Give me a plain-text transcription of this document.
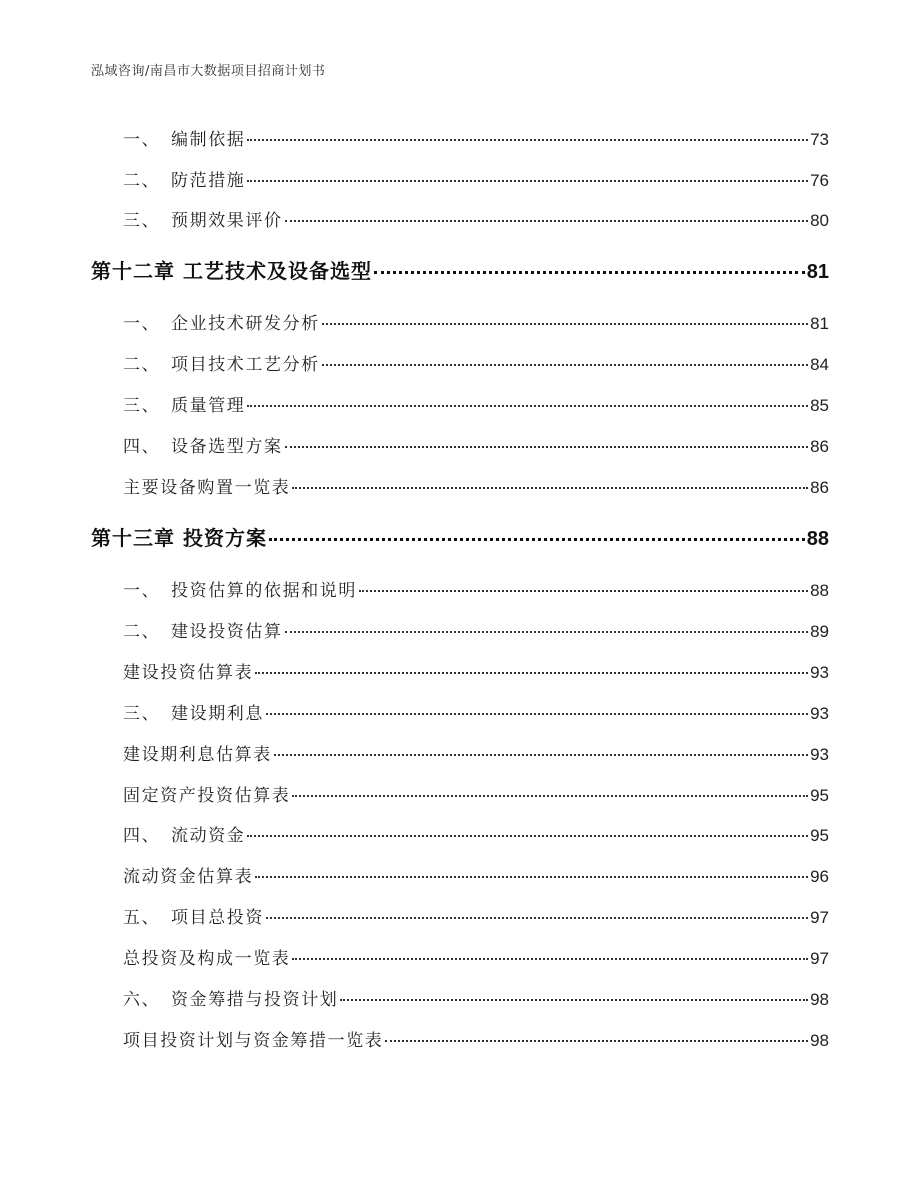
泓域咨询/南昌市大数据项目招商计划书
一、 编制依据	73
二、 防范措施	76
三、 预期效果评价	80
第十二章 工艺技术及设备选型	81
一、 企业技术研发分析	81
二、 项目技术工艺分析	84
三、 质量管理	85
四、 设备选型方案	86
主要设备购置一览表	86
第十三章 投资方案	88
一、 投资估算的依据和说明	88
二、 建设投资估算	89
建设投资估算表	93
三、 建设期利息	93
建设期利息估算表	93
固定资产投资估算表	95
四、 流动资金	95
流动资金估算表	96
五、 项目总投资	97
总投资及构成一览表	97
六、 资金筹措与投资计划	98
项目投资计划与资金筹措一览表	98
